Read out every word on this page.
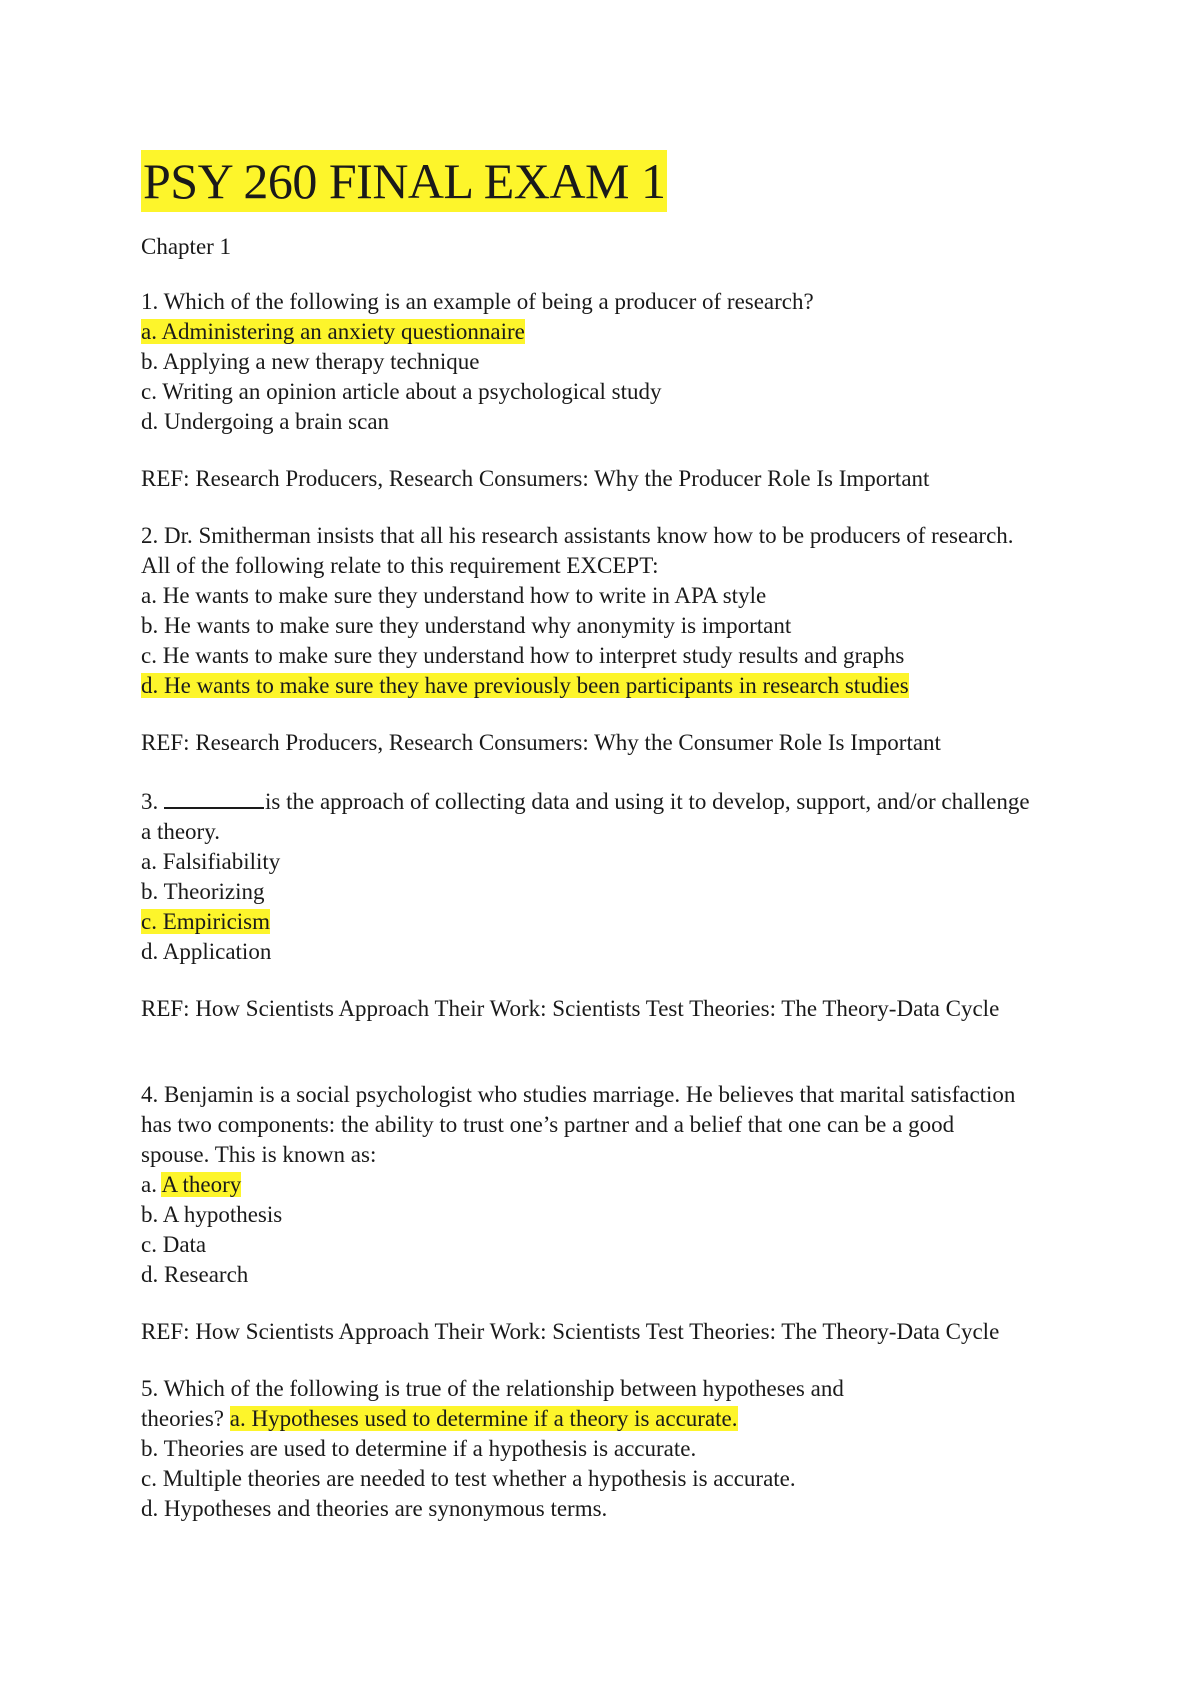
PSY 260 FINAL EXAM 1
Chapter 1
1. Which of the following is an example of being a producer of research?
a. Administering an anxiety questionnaire
b. Applying a new therapy technique
c. Writing an opinion article about a psychological study
d. Undergoing a brain scan
REF: Research Producers, Research Consumers: Why the Producer Role Is Important
2. Dr. Smitherman insists that all his research assistants know how to be producers of research.
All of the following relate to this requirement EXCEPT:
a. He wants to make sure they understand how to write in APA style
b. He wants to make sure they understand why anonymity is important
c. He wants to make sure they understand how to interpret study results and graphs
d. He wants to make sure they have previously been participants in research studies
REF: Research Producers, Research Consumers: Why the Consumer Role Is Important
3.	is the approach of collecting data and using it to develop, support, and/or challenge
a theory.
a. Falsifiability
b. Theorizing
c. Empiricism
d. Application
REF: How Scientists Approach Their Work: Scientists Test Theories: The Theory-Data Cycle
4. Benjamin is a social psychologist who studies marriage. He believes that marital satisfaction
has two components: the ability to trust one’s partner and a belief that one can be a good
spouse. This is known as:
a. A theory
b. A hypothesis
c. Data
d. Research
REF: How Scientists Approach Their Work: Scientists Test Theories: The Theory-Data Cycle
5. Which of the following is true of the relationship between hypotheses and
theories? a. Hypotheses used to determine if a theory is accurate.
b. Theories are used to determine if a hypothesis is accurate.
c. Multiple theories are needed to test whether a hypothesis is accurate.
d. Hypotheses and theories are synonymous terms.
